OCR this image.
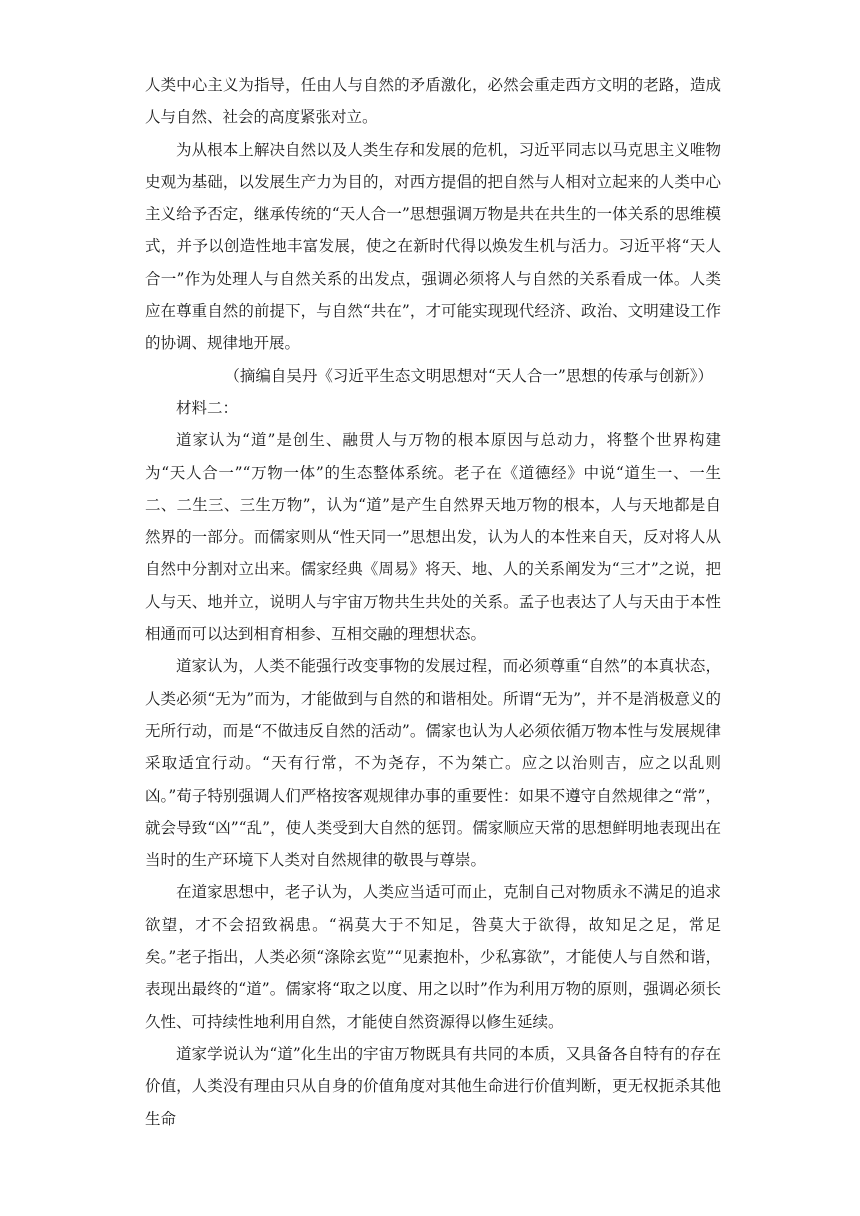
人类中心主义为指导，任由人与自然的矛盾激化，必然会重走西方文明的老路，造成人与自然、社会的高度紧张对立。

为从根本上解决自然以及人类生存和发展的危机，习近平同志以马克思主义唯物史观为基础，以发展生产力为目的，对西方提倡的把自然与人相对立起来的人类中心主义给予否定，继承传统的“天人合一”思想强调万物是共在共生的一体关系的思维模式，并予以创造性地丰富发展，使之在新时代得以焕发生机与活力。习近平将“天人合一”作为处理人与自然关系的出发点，强调必须将人与自然的关系看成一体。人类应在尊重自然的前提下，与自然“共在”，才可能实现现代经济、政治、文明建设工作的协调、规律地开展。

（摘编自吴丹《习近平生态文明思想对“天人合一”思想的传承与创新》）

材料二：

道家认为“道”是创生、融贯人与万物的根本原因与总动力，将整个世界构建为“天人合一”“万物一体”的生态整体系统。老子在《道德经》中说“道生一、一生二、二生三、三生万物”，认为“道”是产生自然界天地万物的根本，人与天地都是自然界的一部分。而儒家则从“性天同一”思想出发，认为人的本性来自天，反对将人从自然中分割对立出来。儒家经典《周易》将天、地、人的关系阐发为“三才”之说，把人与天、地并立，说明人与宇宙万物共生共处的关系。孟子也表达了人与天由于本性相通而可以达到相育相参、互相交融的理想状态。

道家认为，人类不能强行改变事物的发展过程，而必须尊重“自然”的本真状态，人类必须“无为”而为，才能做到与自然的和谐相处。所谓“无为”，并不是消极意义的无所行动，而是“不做违反自然的活动”。儒家也认为人必须依循万物本性与发展规律采取适宜行动。“天有行常，不为尧存，不为桀亡。应之以治则吉，应之以乱则凶。”荀子特别强调人们严格按客观规律办事的重要性：如果不遵守自然规律之“常”，就会导致“凶”“乱”，使人类受到大自然的惩罚。儒家顺应天常的思想鲜明地表现出在当时的生产环境下人类对自然规律的敬畏与尊崇。

在道家思想中，老子认为，人类应当适可而止，克制自己对物质永不满足的追求欲望，才不会招致祸患。“祸莫大于不知足，咎莫大于欲得，故知足之足，常足矣。”老子指出，人类必须“涤除玄览”“见素抱朴，少私寡欲”，才能使人与自然和谐，表现出最终的“道”。儒家将“取之以度、用之以时”作为利用万物的原则，强调必须长久性、可持续性地利用自然，才能使自然资源得以修生延续。

道家学说认为“道”化生出的宇宙万物既具有共同的本质，又具备各自特有的存在价值，人类没有理由只从自身的价值角度对其他生命进行价值判断，更无权扼杀其他生命
